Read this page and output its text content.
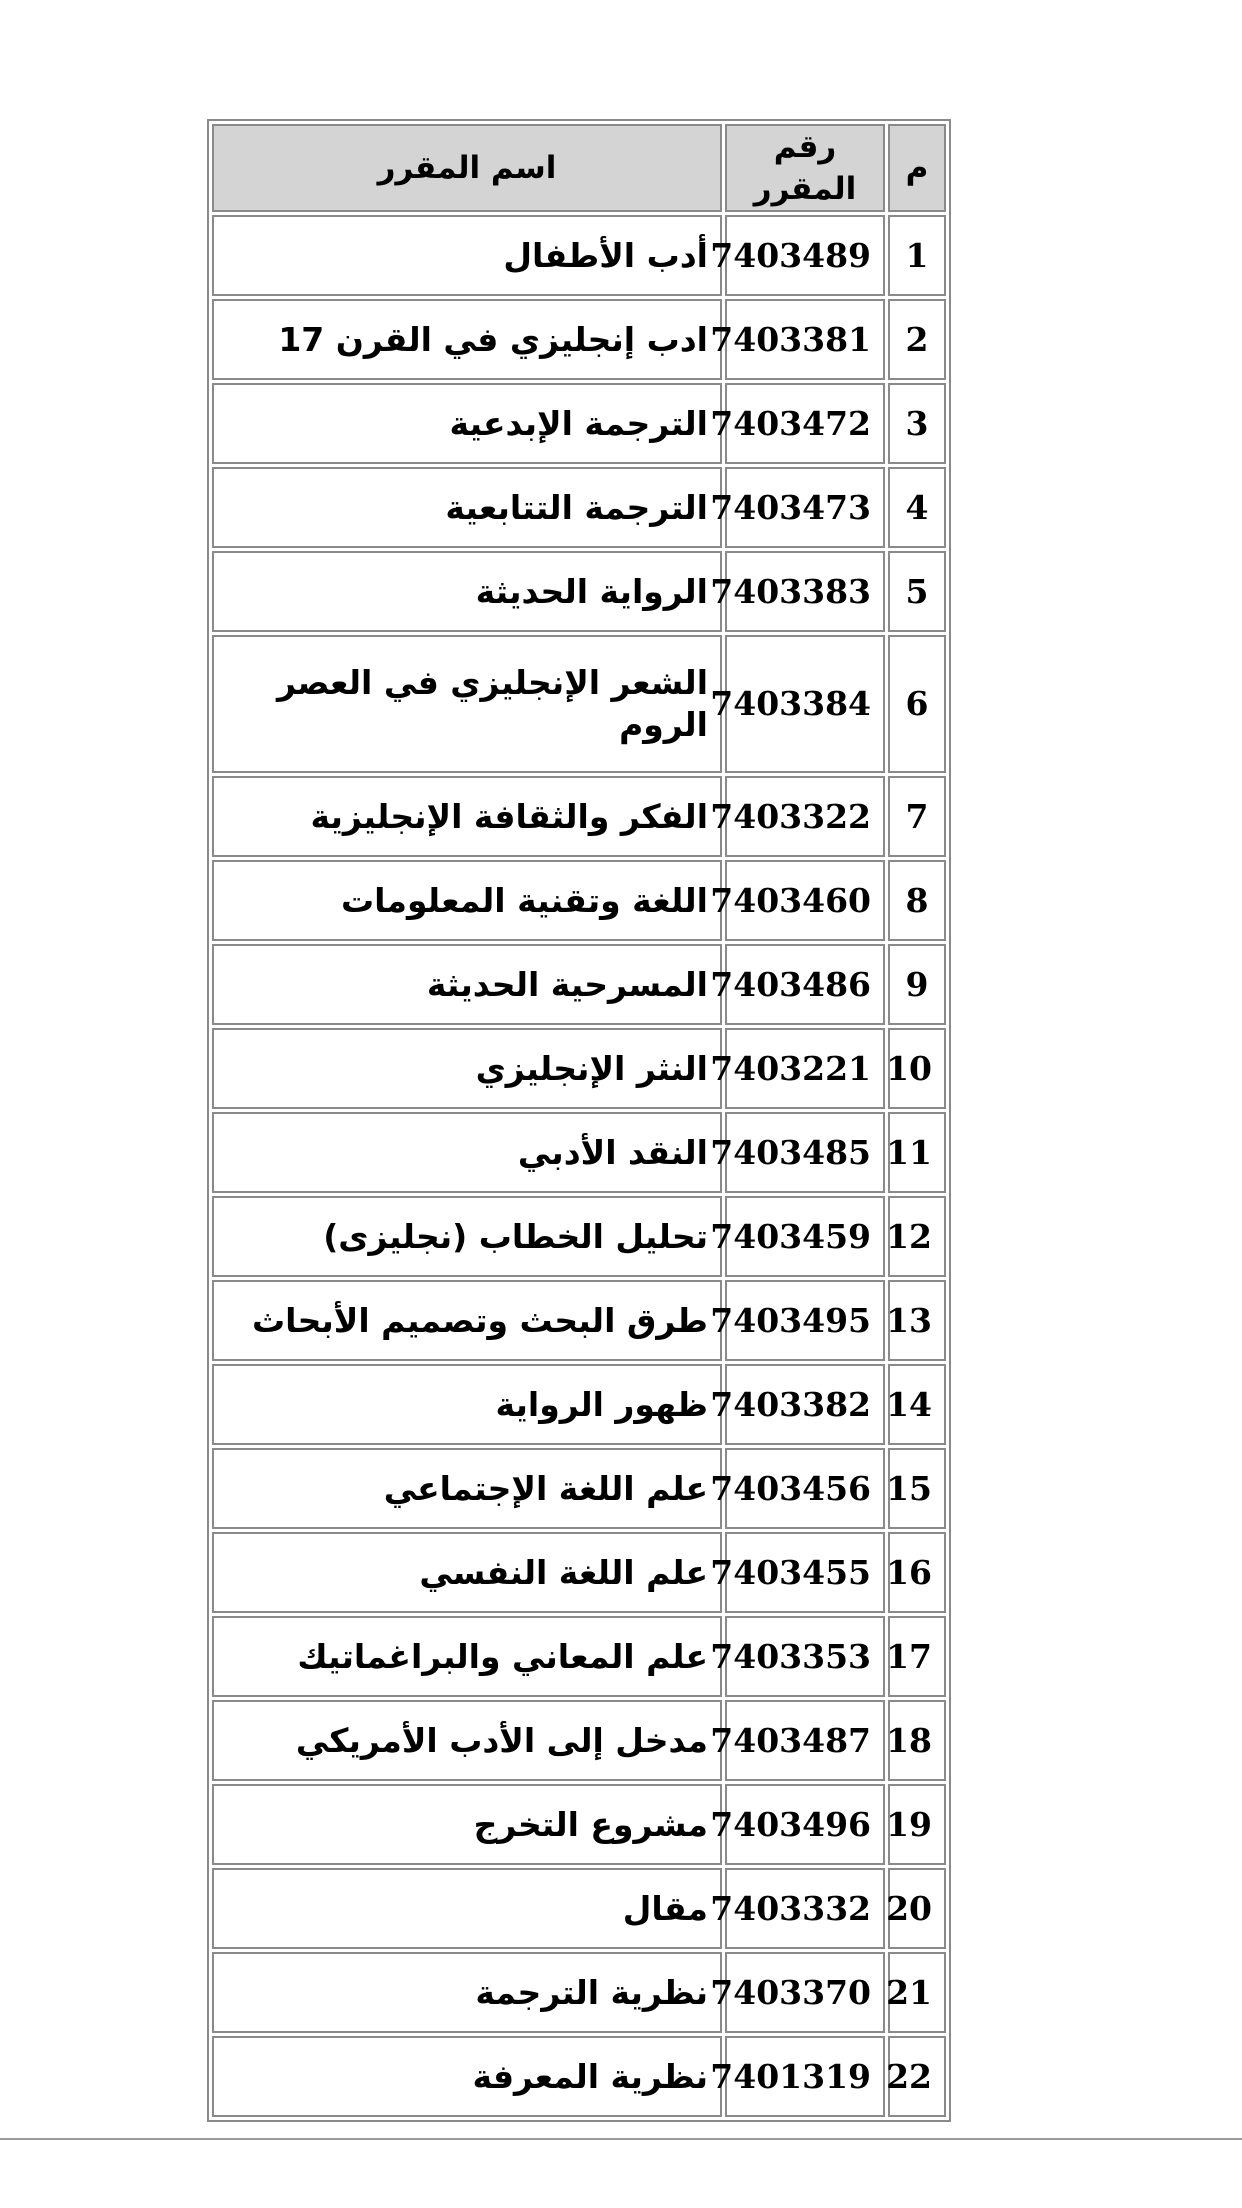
م	رقم المقرر	اسم المقرر
1	7403489	أدب الأطفال
2	7403381	ادب إنجليزي في القرن 17
3	7403472	الترجمة الإبدعية
4	7403473	الترجمة التتابعية
5	7403383	الرواية الحديثة
6	7403384	الشعر الإنجليزي في العصر الروم
7	7403322	الفكر والثقافة الإنجليزية
8	7403460	اللغة وتقنية المعلومات
9	7403486	المسرحية الحديثة
10	7403221	النثر الإنجليزي
11	7403485	النقد الأدبي
12	7403459	تحليل الخطاب (نجليزى)
13	7403495	طرق البحث وتصميم الأبحاث
14	7403382	ظهور الرواية
15	7403456	علم اللغة الإجتماعي
16	7403455	علم اللغة النفسي
17	7403353	علم المعاني والبراغماتيك
18	7403487	مدخل إلى الأدب الأمريكي
19	7403496	مشروع التخرج
20	7403332	مقال
21	7403370	نظرية الترجمة
22	7401319	نظرية المعرفة
